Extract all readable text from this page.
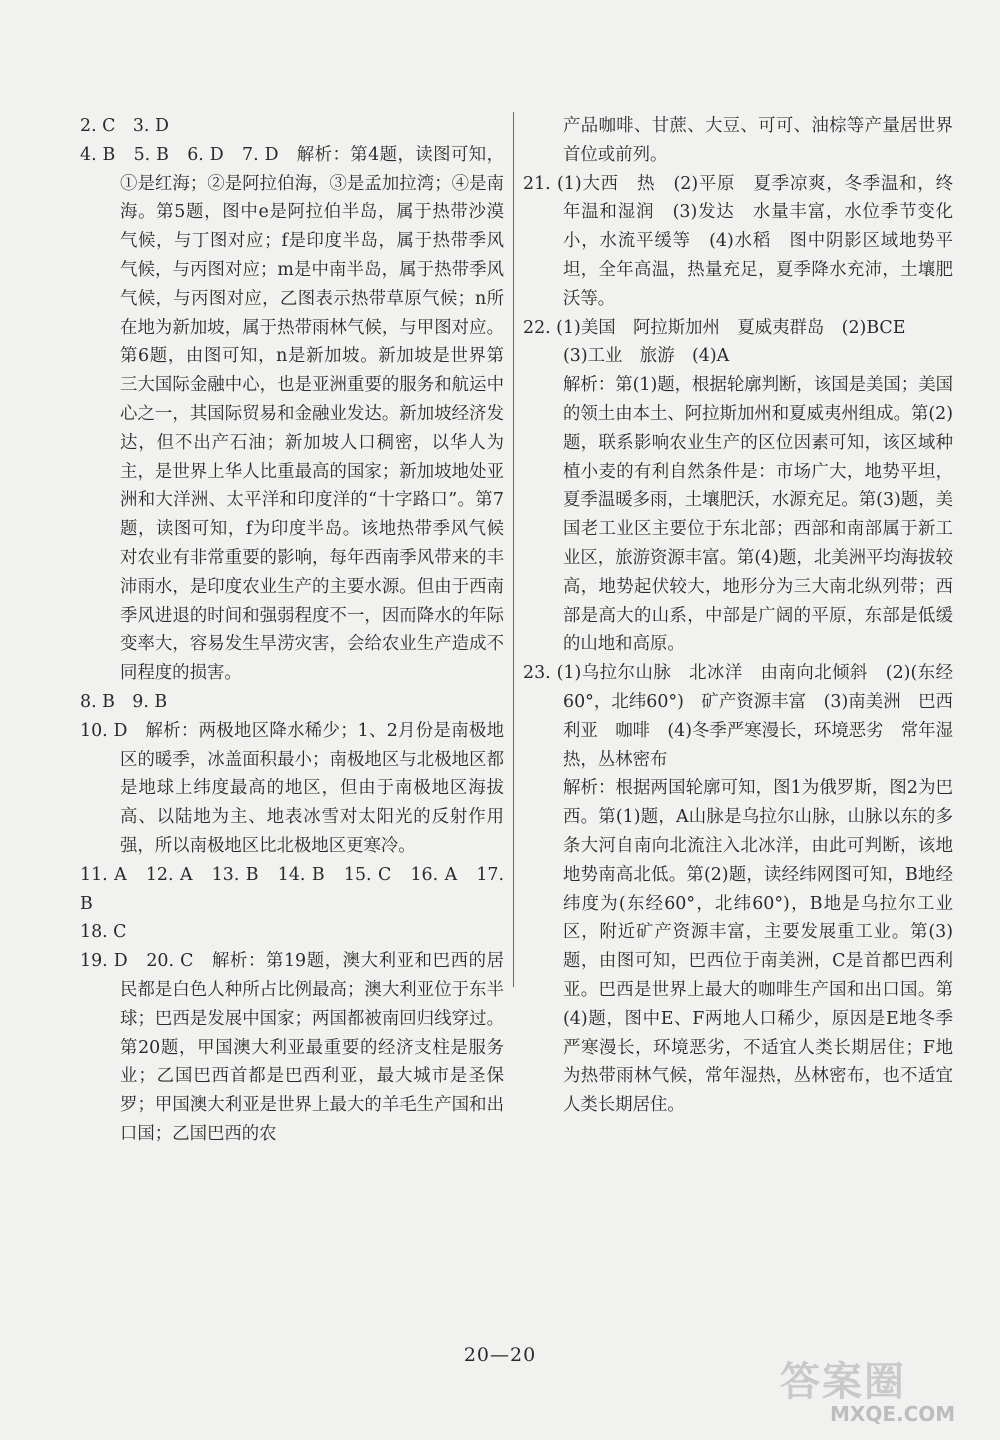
2. C　3. D
4. B　5. B　6. D　7. D　解析：第4题，读图可知，①是红海；②是阿拉伯海，③是孟加拉湾；④是南海。第5题，图中e是阿拉伯半岛，属于热带沙漠气候，与丁图对应；f是印度半岛，属于热带季风气候，与丙图对应；m是中南半岛，属于热带季风气候，与丙图对应，乙图表示热带草原气候；n所在地为新加坡，属于热带雨林气候，与甲图对应。第6题，由图可知，n是新加坡。新加坡是世界第三大国际金融中心，也是亚洲重要的服务和航运中心之一，其国际贸易和金融业发达。新加坡经济发达，但不出产石油；新加坡人口稠密，以华人为主，是世界上华人比重最高的国家；新加坡地处亚洲和大洋洲、太平洋和印度洋的“十字路口”。第7题，读图可知，f为印度半岛。该地热带季风气候对农业有非常重要的影响，每年西南季风带来的丰沛雨水，是印度农业生产的主要水源。但由于西南季风进退的时间和强弱程度不一，因而降水的年际变率大，容易发生旱涝灾害，会给农业生产造成不同程度的损害。
8. B　9. B
10. D　解析：两极地区降水稀少；1、2月份是南极地区的暖季，冰盖面积最小；南极地区与北极地区都是地球上纬度最高的地区，但由于南极地区海拔高、以陆地为主、地表冰雪对太阳光的反射作用强，所以南极地区比北极地区更寒冷。
11. A　12. A　13. B　14. B　15. C　16. A　17. B
18. C
19. D　20. C　解析：第19题，澳大利亚和巴西的居民都是白色人种所占比例最高；澳大利亚位于东半球；巴西是发展中国家；两国都被南回归线穿过。第20题，甲国澳大利亚最重要的经济支柱是服务业；乙国巴西首都是巴西利亚，最大城市是圣保罗；甲国澳大利亚是世界上最大的羊毛生产国和出口国；乙国巴西的农
产品咖啡、甘蔗、大豆、可可、油棕等产量居世界首位或前列。
21. (1)大西　热　(2)平原　夏季凉爽，冬季温和，终年温和湿润　(3)发达　水量丰富，水位季节变化小，水流平缓等　(4)水稻　图中阴影区域地势平坦，全年高温，热量充足，夏季降水充沛，土壤肥沃等。
22. (1)美国　阿拉斯加州　夏威夷群岛　(2)BCE
(3)工业　旅游　(4)A
解析：第(1)题，根据轮廓判断，该国是美国；美国的领土由本土、阿拉斯加州和夏威夷州组成。第(2)题，联系影响农业生产的区位因素可知，该区域种植小麦的有利自然条件是：市场广大，地势平坦，夏季温暖多雨，土壤肥沃，水源充足。第(3)题，美国老工业区主要位于东北部；西部和南部属于新工业区，旅游资源丰富。第(4)题，北美洲平均海拔较高，地势起伏较大，地形分为三大南北纵列带；西部是高大的山系，中部是广阔的平原，东部是低缓的山地和高原。
23. (1)乌拉尔山脉　北冰洋　由南向北倾斜　(2)(东经60°，北纬60°)　矿产资源丰富　(3)南美洲　巴西利亚　咖啡　(4)冬季严寒漫长，环境恶劣　常年湿热，丛林密布
解析：根据两国轮廓可知，图1为俄罗斯，图2为巴西。第(1)题，A山脉是乌拉尔山脉，山脉以东的多条大河自南向北流注入北冰洋，由此可判断，该地地势南高北低。第(2)题，读经纬网图可知，B地经纬度为(东经60°，北纬60°)，B地是乌拉尔工业区，附近矿产资源丰富，主要发展重工业。第(3)题，由图可知，巴西位于南美洲，C是首都巴西利亚。巴西是世界上最大的咖啡生产国和出口国。第(4)题，图中E、F两地人口稀少，原因是E地冬季严寒漫长，环境恶劣，不适宜人类长期居住；F地为热带雨林气候，常年湿热，丛林密布，也不适宜人类长期居住。
20—20
答案圈
MXQE.COM
